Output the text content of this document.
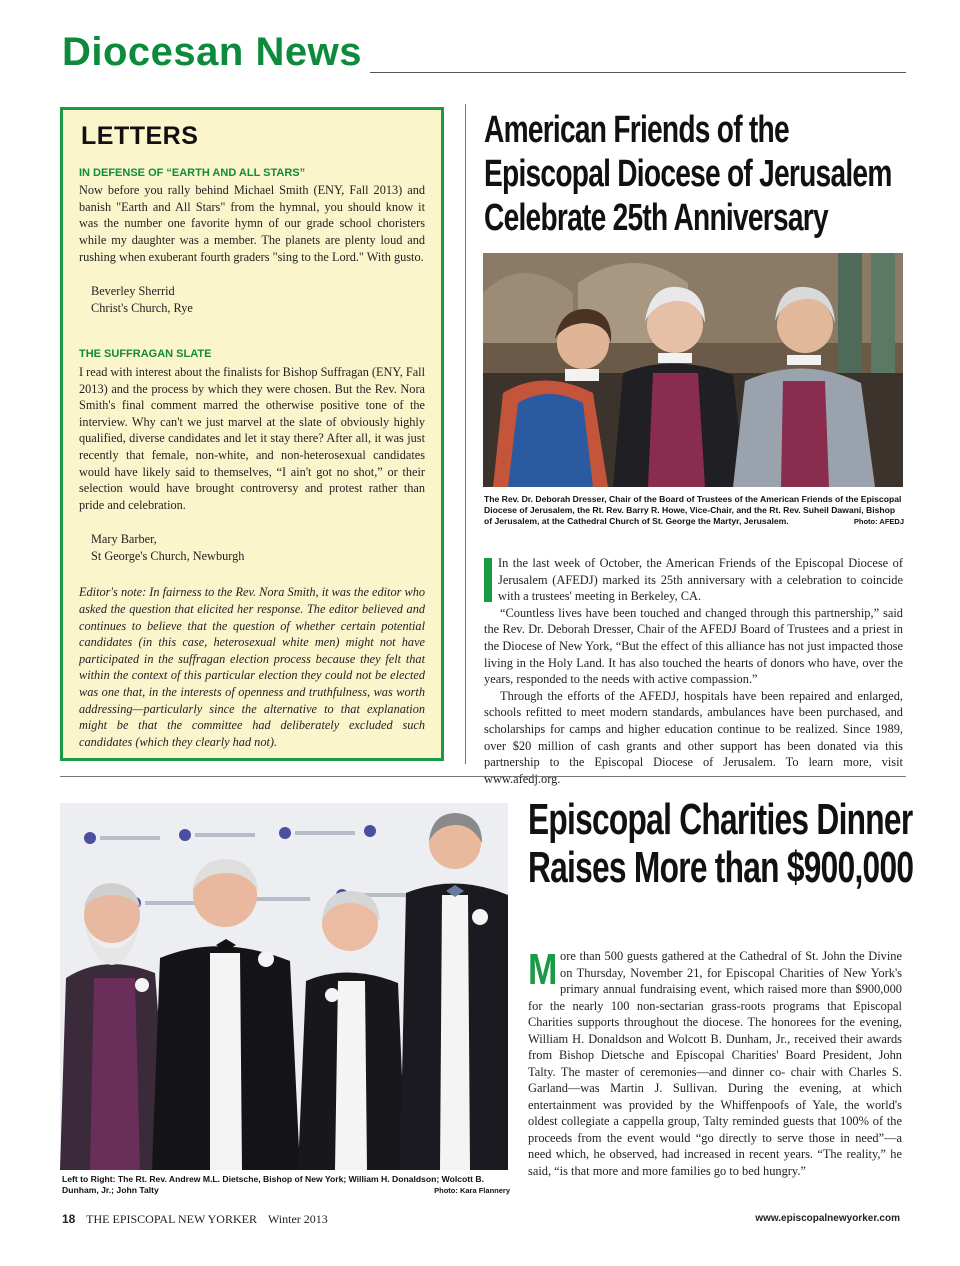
Diocesan News
LETTERS
IN DEFENSE OF “EARTH AND ALL STARS”

Now before you rally behind Michael Smith (ENY, Fall 2013) and banish "Earth and All Stars" from the hymnal, you should know it was the number one favorite hymn of our grade school choristers while my daughter was a member. The planets are plenty loud and rushing when exuberant fourth graders "sing to the Lord." With gusto.

Beverley Sherrid
Christ's Church, Rye
THE SUFFRAGAN SLATE

I read with interest about the finalists for Bishop Suffragan (ENY, Fall 2013) and the process by which they were chosen. But the Rev. Nora Smith's final comment marred the otherwise positive tone of the interview. Why can't we just marvel at the slate of obviously highly qualified, diverse candidates and let it stay there? After all, it was just recently that female, non-white, and non-heterosexual candidates would have likely said to themselves, “I ain't got no shot,” or their selection would have brought controversy and protest rather than pride and celebration.

Mary Barber,
St George's Church, Newburgh

Editor's note: In fairness to the Rev. Nora Smith, it was the editor who asked the question that elicited her response. The editor believed and continues to believe that the question of whether certain potential candidates (in this case, heterosexual white men) might not have participated in the suffragan election process because they felt that within the context of this particular election they could not be elected was one that, in the interests of openness and truthfulness, was worth addressing—particularly since the alternative to that explanation might be that the committee had deliberately excluded such candidates (which they clearly had not).

American Friends of the Episcopal Diocese of Jerusalem Celebrate 25th Anniversary
The Rev. Dr. Deborah Dresser, Chair of the Board of Trustees of the American Friends of the Episcopal Diocese of Jerusalem, the Rt. Rev. Barry R. Howe, Vice-Chair, and the Rt. Rev. Suheil Dawani, Bishop of Jerusalem, at the Cathedral Church of St. George the Martyr, Jerusalem.	Photo: AFEDJ

In the last week of October, the American Friends of the Episcopal Diocese of Jerusalem (AFEDJ) marked its 25th anniversary with a celebration to coincide with a trustees' meeting in Berkeley, CA.

“Countless lives have been touched and changed through this partnership,” said the Rev. Dr. Deborah Dresser, Chair of the AFEDJ Board of Trustees and a priest in the Diocese of New York, “But the effect of this alliance has not just impacted those living in the Holy Land. It has also touched the hearts of donors who have, over the years, responded to the needs with active compassion.”

Through the efforts of the AFEDJ, hospitals have been repaired and enlarged, schools refitted to meet modern standards, ambulances have been purchased, and scholarships for camps and higher education continue to be realized. Since 1989, over $20 million of cash grants and other support has been donated via this partnership to the Episcopal Diocese of Jerusalem. To learn more, visit www.afedj.org.

Left to Right: The Rt. Rev. Andrew M.L. Dietsche, Bishop of New York; William H. Donaldson; Wolcott B. Dunham, Jr.; John Talty	Photo: Kara Flannery
Episcopal Charities Dinner Raises More than $900,000

More than 500 guests gathered at the Cathedral of St. John the Divine on Thursday, November 21, for Episcopal Charities of New York's primary annual fundraising event, which raised more than $900,000 for the nearly 100 non-sectarian grass-roots programs that Episcopal Charities supports throughout the diocese. The honorees for the evening, William H. Donaldson and Wolcott B. Dunham, Jr., received their awards from Bishop Dietsche and Episcopal Charities' Board President, John Talty. The master of ceremonies—and dinner co- chair with Charles S. Garland—was Martin J. Sullivan. During the evening, at which entertainment was provided by the Whiffenpoofs of Yale, the world's oldest collegiate a cappella group, Talty reminded guests that 100% of the proceeds from the event would “go directly to serve those in need”—a need which, he observed, had increased in recent years. “The reality,” he said, “is that more and more families go to bed hungry.”

18 THE EPISCOPAL NEW YORKER Winter 2013	www.episcopalnewyorker.com
